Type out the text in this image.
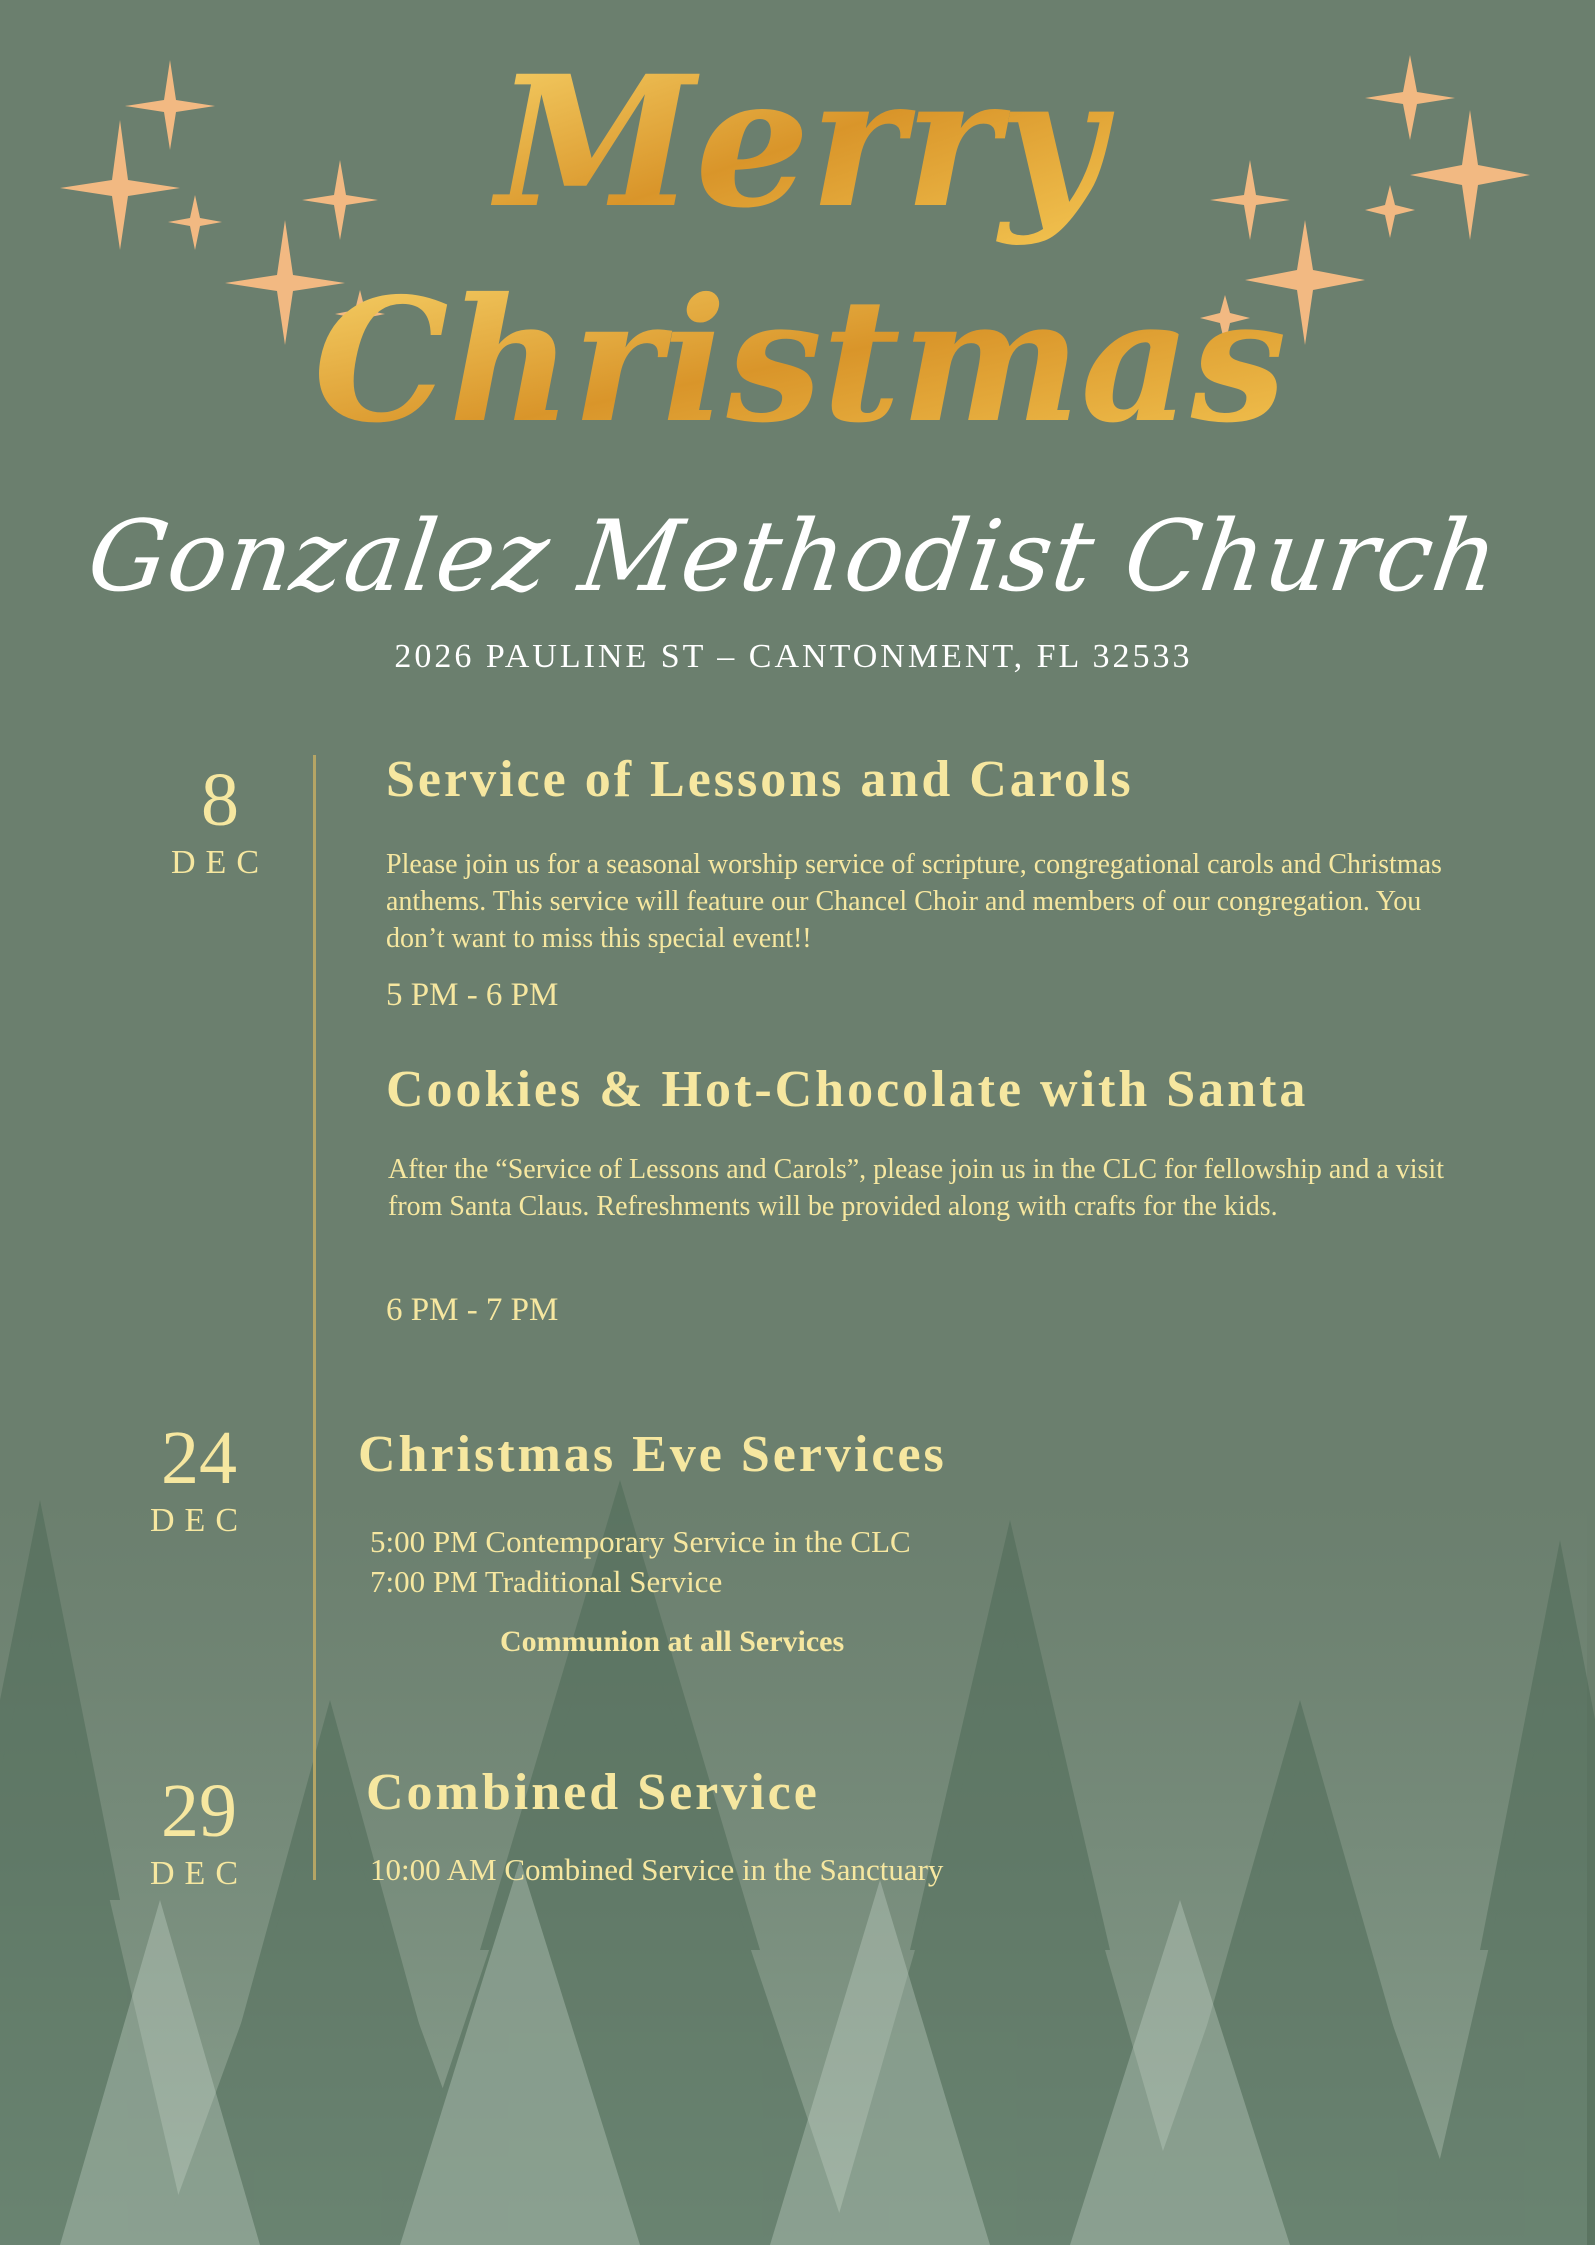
Merry
Christmas
Gonzalez Methodist Church
2026 PAULINE ST – CANTONMENT, FL 32533
8
DEC
Service of Lessons and Carols
Please join us for a seasonal worship service of scripture, congregational carols and Christmas anthems. This service will feature our Chancel Choir and members of our congregation. You don’t want to miss this special event!!
5 PM - 6 PM
Cookies & Hot-Chocolate with Santa
After the “Service of Lessons and Carols”, please join us in the CLC for fellowship and a visit from Santa Claus. Refreshments will be provided along with crafts for the kids.
6 PM - 7 PM
24
DEC
Christmas Eve Services
5:00 PM Contemporary Service in the CLC
7:00 PM Traditional Service
Communion at all Services
29
DEC
Combined Service
10:00 AM Combined Service in the Sanctuary
